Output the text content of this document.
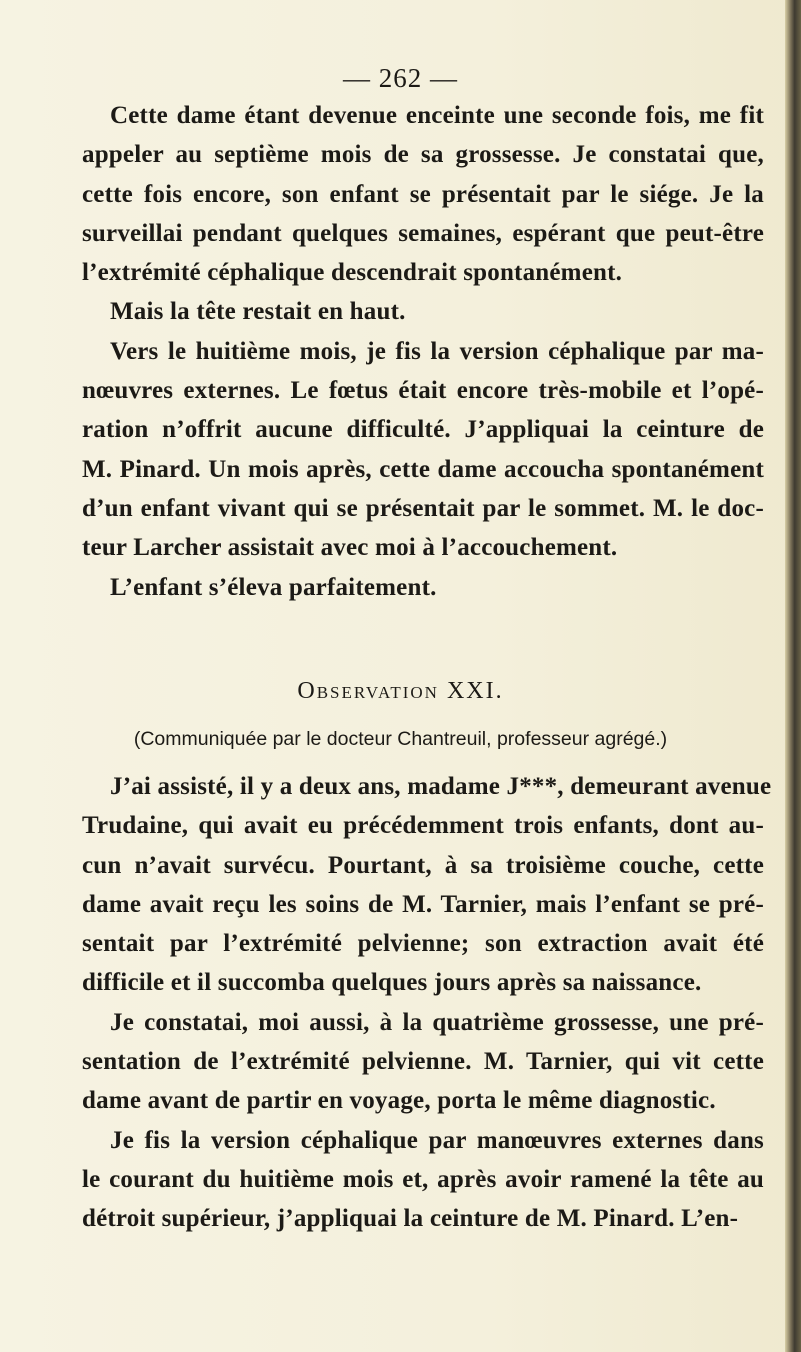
— 262 —
Cette dame étant devenue enceinte une seconde fois, me fit
appeler au septième mois de sa grossesse. Je constatai que,
cette fois encore, son enfant se présentait par le siége. Je la
surveillai pendant quelques semaines, espérant que peut-être
l’extrémité céphalique descendrait spontanément.
Mais la tête restait en haut.
Vers le huitième mois, je fis la version céphalique par ma-
nœuvres externes. Le fœtus était encore très-mobile et l’opé-
ration n’offrit aucune difficulté. J’appliquai la ceinture de
M. Pinard. Un mois après, cette dame accoucha spontanément
d’un enfant vivant qui se présentait par le sommet. M. le doc-
teur Larcher assistait avec moi à l’accouchement.
L’enfant s’éleva parfaitement.
Observation XXI.
(Communiquée par le docteur Chantreuil, professeur agrégé.)
J’ai assisté, il y a deux ans, madame J***, demeurant avenue
Trudaine, qui avait eu précédemment trois enfants, dont au-
cun n’avait survécu. Pourtant, à sa troisième couche, cette
dame avait reçu les soins de M. Tarnier, mais l’enfant se pré-
sentait par l’extrémité pelvienne; son extraction avait été
difficile et il succomba quelques jours après sa naissance.
Je constatai, moi aussi, à la quatrième grossesse, une pré-
sentation de l’extrémité pelvienne. M. Tarnier, qui vit cette
dame avant de partir en voyage, porta le même diagnostic.
Je fis la version céphalique par manœuvres externes dans
le courant du huitième mois et, après avoir ramené la tête au
détroit supérieur, j’appliquai la ceinture de M. Pinard. L’en-
